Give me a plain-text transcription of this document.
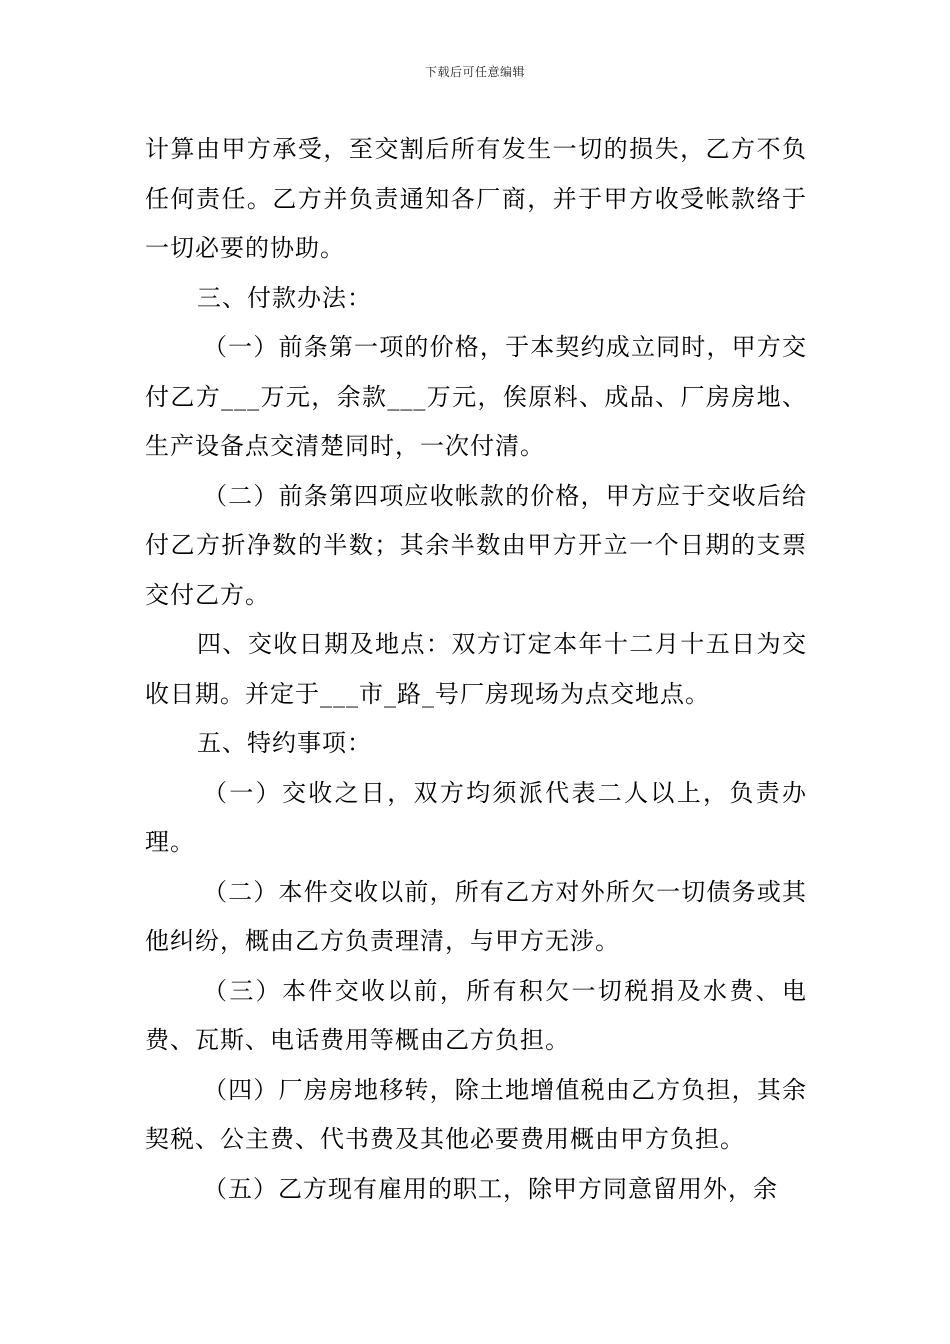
下载后可任意编辑

计算由甲方承受，至交割后所有发生一切的损失，乙方不负任何责任。乙方并负责通知各厂商，并于甲方收受帐款络于一切必要的协助。

三、付款办法：

（一）前条第一项的价格，于本契约成立同时，甲方交付乙方___万元，余款___万元，俟原料、成品、厂房房地、生产设备点交清楚同时，一次付清。

（二）前条第四项应收帐款的价格，甲方应于交收后给付乙方折净数的半数；其余半数由甲方开立一个日期的支票交付乙方。

四、交收日期及地点：双方订定本年十二月十五日为交收日期。并定于___市_路_号厂房现场为点交地点。

五、特约事项：

（一）交收之日，双方均须派代表二人以上，负责办理。

（二）本件交收以前，所有乙方对外所欠一切债务或其他纠纷，概由乙方负责理清，与甲方无涉。

（三）本件交收以前，所有积欠一切税捐及水费、电费、瓦斯、电话费用等概由乙方负担。

（四）厂房房地移转，除土地增值税由乙方负担，其余契税、公主费、代书费及其他必要费用概由甲方负担。

（五）乙方现有雇用的职工，除甲方同意留用外，余
